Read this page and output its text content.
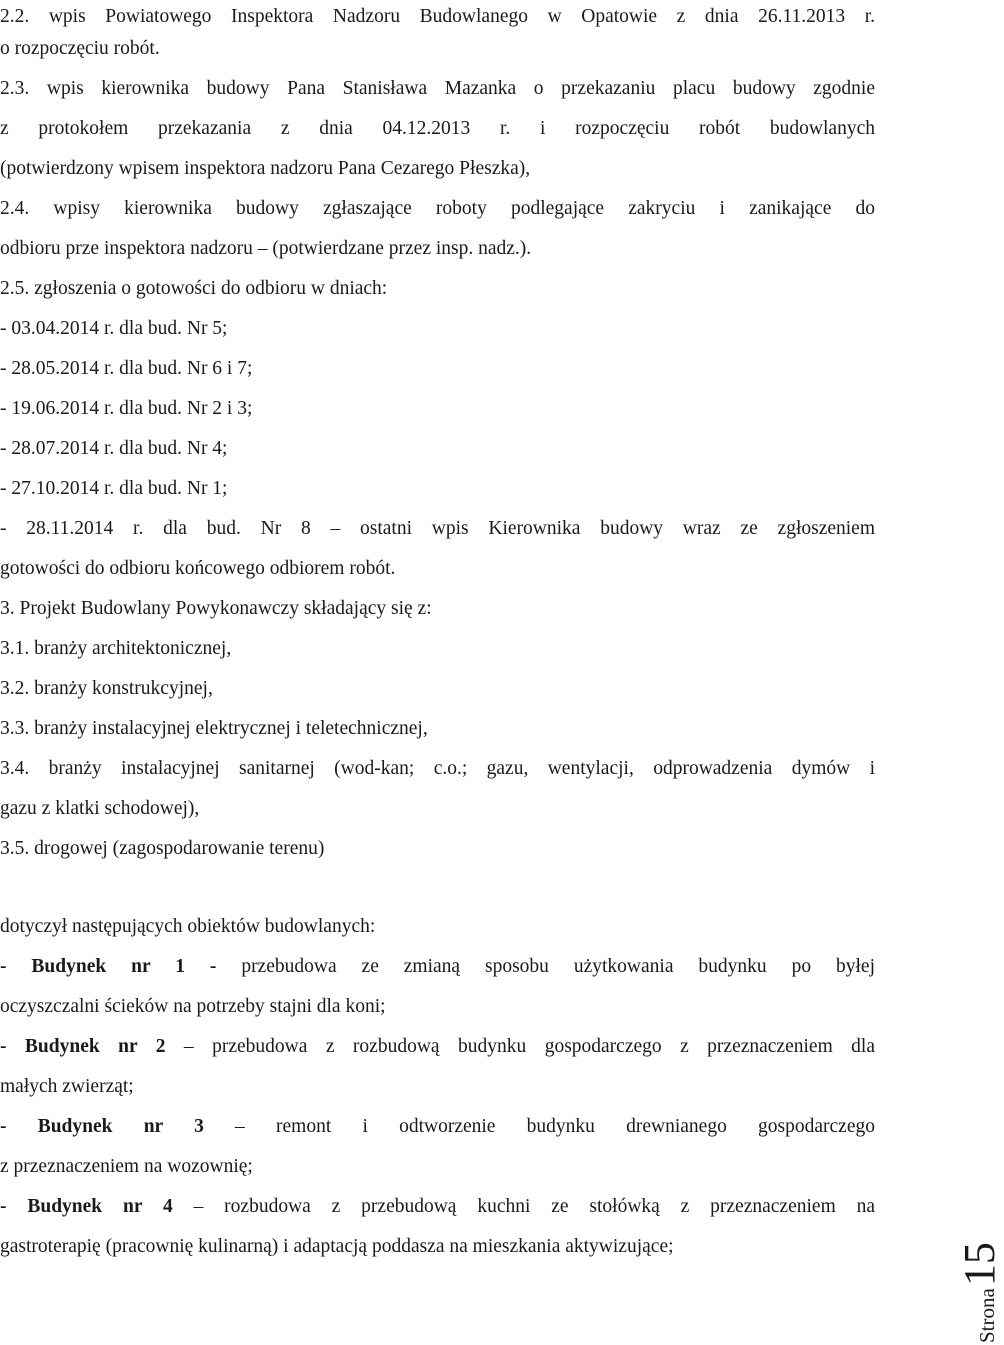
2.2. wpis Powiatowego Inspektora Nadzoru Budowlanego w Opatowie z dnia 26.11.2013 r.

o rozpoczęciu robót.

2.3. wpis kierownika budowy Pana Stanisława Mazanka o przekazaniu placu budowy zgodnie

z protokołem przekazania z dnia 04.12.2013 r. i rozpoczęciu robót budowlanych

(potwierdzony wpisem inspektora nadzoru Pana Cezarego Płeszka),

2.4. wpisy kierownika budowy zgłaszające roboty podlegające zakryciu i zanikające do

odbioru prze inspektora nadzoru – (potwierdzane przez insp. nadz.).

2.5. zgłoszenia o gotowości do odbioru w dniach:

- 03.04.2014 r. dla bud. Nr 5;

- 28.05.2014 r. dla bud. Nr 6 i 7;

- 19.06.2014 r. dla bud. Nr 2 i 3;

- 28.07.2014 r. dla bud. Nr 4;

- 27.10.2014 r. dla bud. Nr 1;

- 28.11.2014 r. dla bud. Nr 8 – ostatni wpis Kierownika budowy wraz ze zgłoszeniem

gotowości do odbioru końcowego odbiorem robót.

3. Projekt Budowlany Powykonawczy składający się z:

3.1. branży architektonicznej,

3.2. branży konstrukcyjnej,

3.3. branży instalacyjnej elektrycznej i teletechnicznej,

3.4. branży instalacyjnej sanitarnej (wod-kan; c.o.; gazu, wentylacji, odprowadzenia dymów i

gazu z klatki schodowej),

3.5. drogowej (zagospodarowanie terenu)

dotyczył następujących obiektów budowlanych:

- Budynek nr 1 - przebudowa ze zmianą sposobu użytkowania budynku po byłej

oczyszczalni ścieków na potrzeby stajni dla koni;

- Budynek nr 2 – przebudowa z rozbudową budynku gospodarczego z przeznaczeniem dla

małych zwierząt;

- Budynek nr 3 – remont i odtworzenie budynku drewnianego gospodarczego

z przeznaczeniem na wozownię;

- Budynek nr 4 – rozbudowa z przebudową kuchni ze stołówką z przeznaczeniem na

gastroterapię (pracownię kulinarną) i adaptacją poddasza na mieszkania aktywizujące;

Strona
15
